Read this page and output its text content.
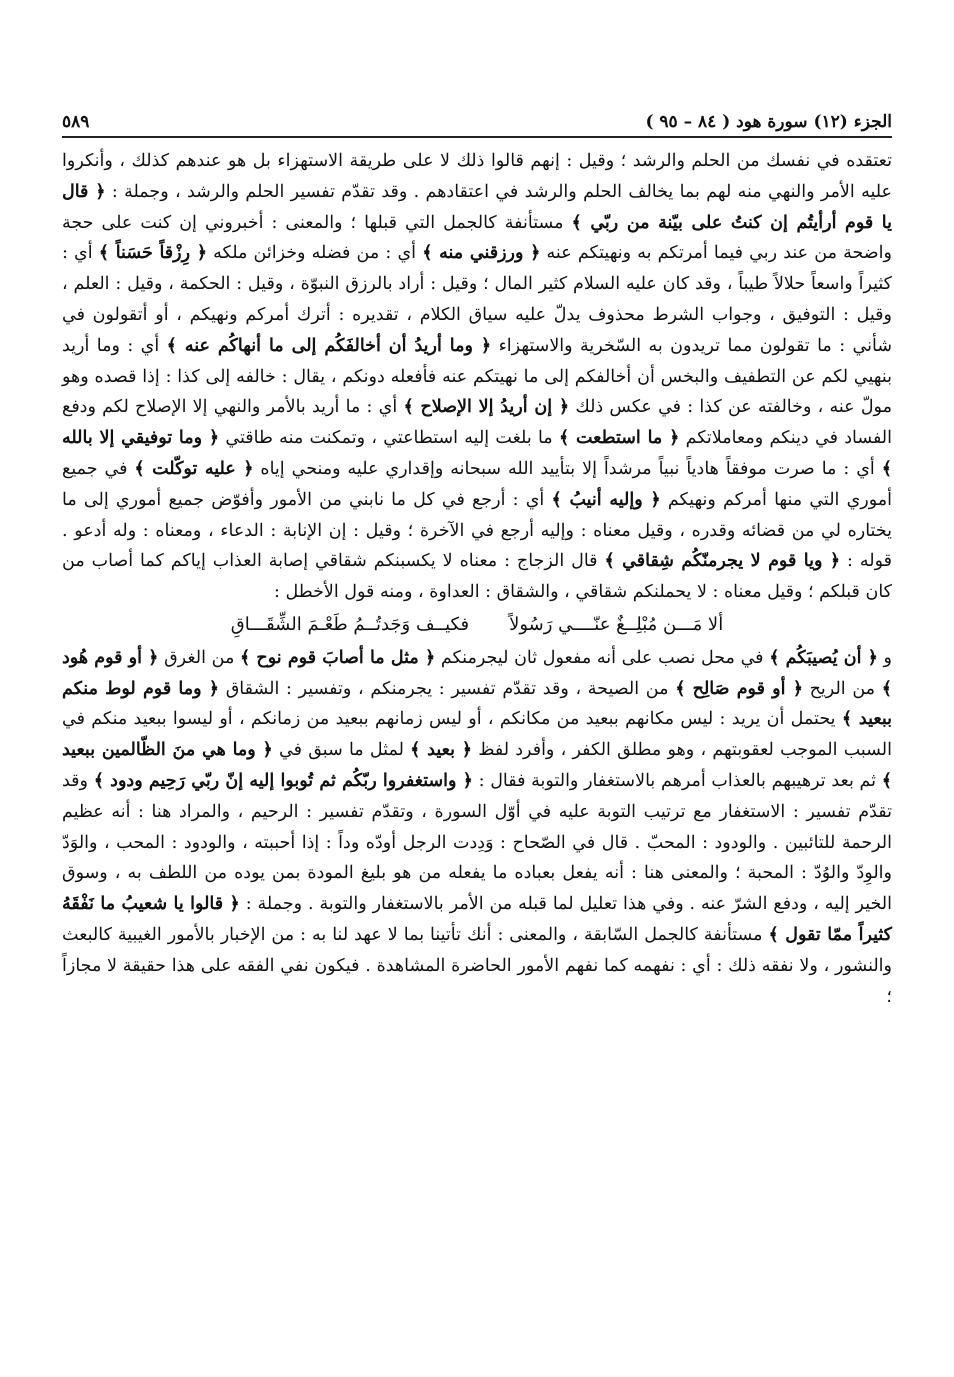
الجزء (١٢) سورة هود ( ٨٤ – ٩٥ )
٥٨٩

تعتقده في نفسك من الحلم والرشد ؛ وقيل : إنهم قالوا ذلك لا على طريقة الاستهزاء بل هو عندهم كذلك ، وأنكروا عليه الأمر والنهي منه لهم بما يخالف الحلم والرشد في اعتقادهم . وقد تقدّم تفسير الحلم والرشد ، وجملة : ﴿ قال يا قوم أرأيتُم إن كنتُ على بيّنة من ربّي ﴾ مستأنفة كالجمل التي قبلها ؛ والمعنى : أخبروني إن كنت على حجة واضحة من عند ربي فيما أمرتكم به ونهيتكم عنه ﴿ ورزقني منه ﴾ أي : من فضله وخزائن ملكه ﴿ رِزْقاً حَسَناً ﴾ أي : كثيراً واسعاً حلالاً طيباً ، وقد كان عليه السلام كثير المال ؛ وقيل : أراد بالرزق النبوّة ، وقيل : الحكمة ، وقيل : العلم ، وقيل : التوفيق ، وجواب الشرط محذوف يدلّ عليه سياق الكلام ، تقديره : أترك أمركم ونهيكم ، أو أتقولون في شأني : ما تقولون مما تريدون به السّخرية والاستهزاء ﴿ وما أريدُ أن أخالفَكُم إلى ما أنهاكُم عنه ﴾ أي : وما أريد بنهيي لكم عن التطفيف والبخس أن أخالفكم إلى ما نهيتكم عنه فأفعله دونكم ، يقال : خالفه إلى كذا : إذا قصده وهو مولّ عنه ، وخالفته عن كذا : في عكس ذلك ﴿ إن أريدُ إلا الإصلاح ﴾ أي : ما أريد بالأمر والنهي إلا الإصلاح لكم ودفع الفساد في دينكم ومعاملاتكم ﴿ ما استطعت ﴾ ما بلغت إليه استطاعتي ، وتمكنت منه طاقتي ﴿ وما توفيقي إلا بالله ﴾ أي : ما صرت موفقاً هادياً نبياً مرشداً إلا بتأييد الله سبحانه وإقداري عليه ومنحي إياه ﴿ عليه توكّلت ﴾ في جميع أموري التي منها أمركم ونهيكم ﴿ وإليه أنيبُ ﴾ أي : أرجع في كل ما نابني من الأمور وأفوّض جميع أموري إلى ما يختاره لي من قضائه وقدره ، وقيل معناه : وإليه أرجع في الآخرة ؛ وقيل : إن الإنابة : الدعاء ، ومعناه : وله أدعو . قوله : ﴿ ويا قوم لا يجرمنّكُم شِقاقي ﴾ قال الزجاج : معناه لا يكسبنكم شقاقي إصابة العذاب إياكم كما أصاب من كان قبلكم ؛ وقيل معناه : لا يحملنكم شقاقي ، والشقاق : العداوة ، ومنه قول الأخطل :

ألا مَـــن مُبْلِــغٌ عنّــــي رَسُولاً
فكيــف وَجَدتُــمُ طَعْـمَ الشِّقَـــاقِ

و ﴿ أن يُصيبَكُم ﴾ في محل نصب على أنه مفعول ثان ليجرمنكم ﴿ مثل ما أصابَ قوم نوح ﴾ من الغرق ﴿ أو قوم هُود ﴾ من الريح ﴿ أو قوم صَالِح ﴾ من الصيحة ، وقد تقدّم تفسير : يجرمنكم ، وتفسير : الشقاق ﴿ وما قوم لوط منكم ببعيد ﴾ يحتمل أن يريد : ليس مكانهم ببعيد من مكانكم ، أو ليس زمانهم ببعيد من زمانكم ، أو ليسوا ببعيد منكم في السبب الموجب لعقوبتهم ، وهو مطلق الكفر ، وأفرد لفظ ﴿ بعيد ﴾ لمثل ما سبق في ﴿ وما هي منَ الظّالمين ببعيد ﴾ ثم بعد ترهيبهم بالعذاب أمرهم بالاستغفار والتوبة فقال : ﴿ واستغفروا ربّكُم ثم تُوبوا إليه إنّ ربّي رَحِيم ودود ﴾ وقد تقدّم تفسير : الاستغفار مع ترتيب التوبة عليه في أوّل السورة ، وتقدّم تفسير : الرحيم ، والمراد هنا : أنه عظيم الرحمة للتائبين . والودود : المحبّ . قال في الصّحاح : وَدِدت الرجل أودّه وداً : إذا أحببته ، والودود : المحب ، والوَدّ والوِدّ والوُدّ : المحبة ؛ والمعنى هنا : أنه يفعل بعباده ما يفعله من هو بليغ المودة بمن يوده من اللطف به ، وسوق الخير إليه ، ودفع الشرّ عنه . وفي هذا تعليل لما قبله من الأمر بالاستغفار والتوبة . وجملة : ﴿ قالوا يا شعيبُ ما نَفْقَهُ كثيراً ممّا تقول ﴾ مستأنفة كالجمل السّابقة ، والمعنى : أنك تأتينا بما لا عهد لنا به : من الإخبار بالأمور الغيبية كالبعث والنشور ، ولا نفقه ذلك : أي : نفهمه كما نفهم الأمور الحاضرة المشاهدة . فيكون نفي الفقه على هذا حقيقة لا مجازاً ؛
